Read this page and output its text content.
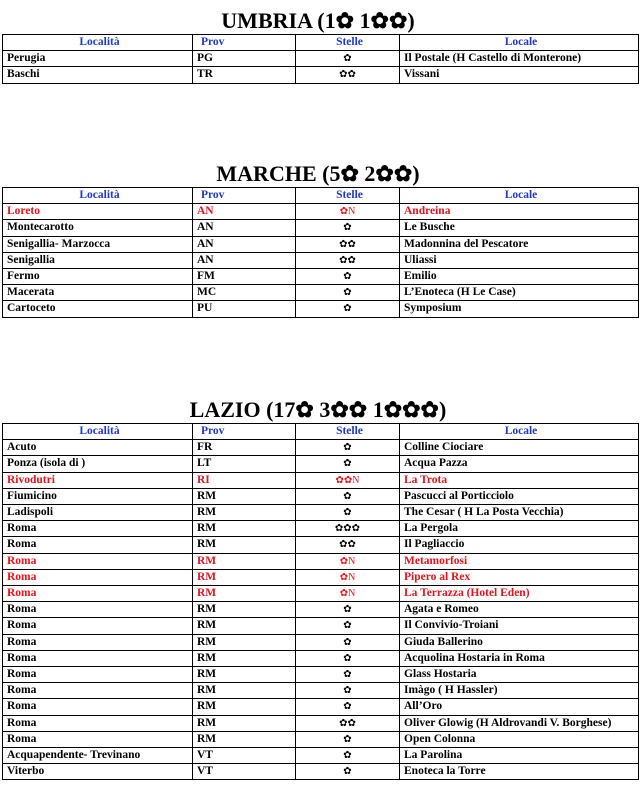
UMBRIA (1✿ 1✿✿)
Località	Prov	Stelle	Locale
Perugia	PG	✿	Il Postale (H Castello di Monterone)
Baschi	TR	✿✿	Vissani
MARCHE (5✿ 2✿✿)
Località	Prov	Stelle	Locale
Loreto	AN	✿N	Andreina
Montecarotto	AN	✿	Le Busche
Senigallia- Marzocca	AN	✿✿	Madonnina del Pescatore
Senigallia	AN	✿✿	Uliassi
Fermo	FM	✿	Emilio
Macerata	MC	✿	L’Enoteca (H Le Case)
Cartoceto	PU	✿	Symposium
LAZIO (17✿ 3✿✿ 1✿✿✿)
Località	Prov	Stelle	Locale
Acuto	FR	✿	Colline Ciociare
Ponza (isola di )	LT	✿	Acqua Pazza
Rivodutri	RI	✿✿N	La Trota
Fiumicino	RM	✿	Pascucci al Porticciolo
Ladispoli	RM	✿	The Cesar ( H La Posta Vecchia)
Roma	RM	✿✿✿	La Pergola
Roma	RM	✿✿	Il Pagliaccio
Roma	RM	✿N	Metamorfosi
Roma	RM	✿N	Pipero al Rex
Roma	RM	✿N	La Terrazza (Hotel Eden)
Roma	RM	✿	Agata e Romeo
Roma	RM	✿	Il Convivio-Troiani
Roma	RM	✿	Giuda Ballerino
Roma	RM	✿	Acquolina Hostaria in Roma
Roma	RM	✿	Glass Hostaria
Roma	RM	✿	Imàgo ( H Hassler)
Roma	RM	✿	All’Oro
Roma	RM	✿✿	Oliver Glowig (H Aldrovandi V. Borghese)
Roma	RM	✿	Open Colonna
Acquapendente- Trevinano	VT	✿	La Parolina
Viterbo	VT	✿	Enoteca la Torre
